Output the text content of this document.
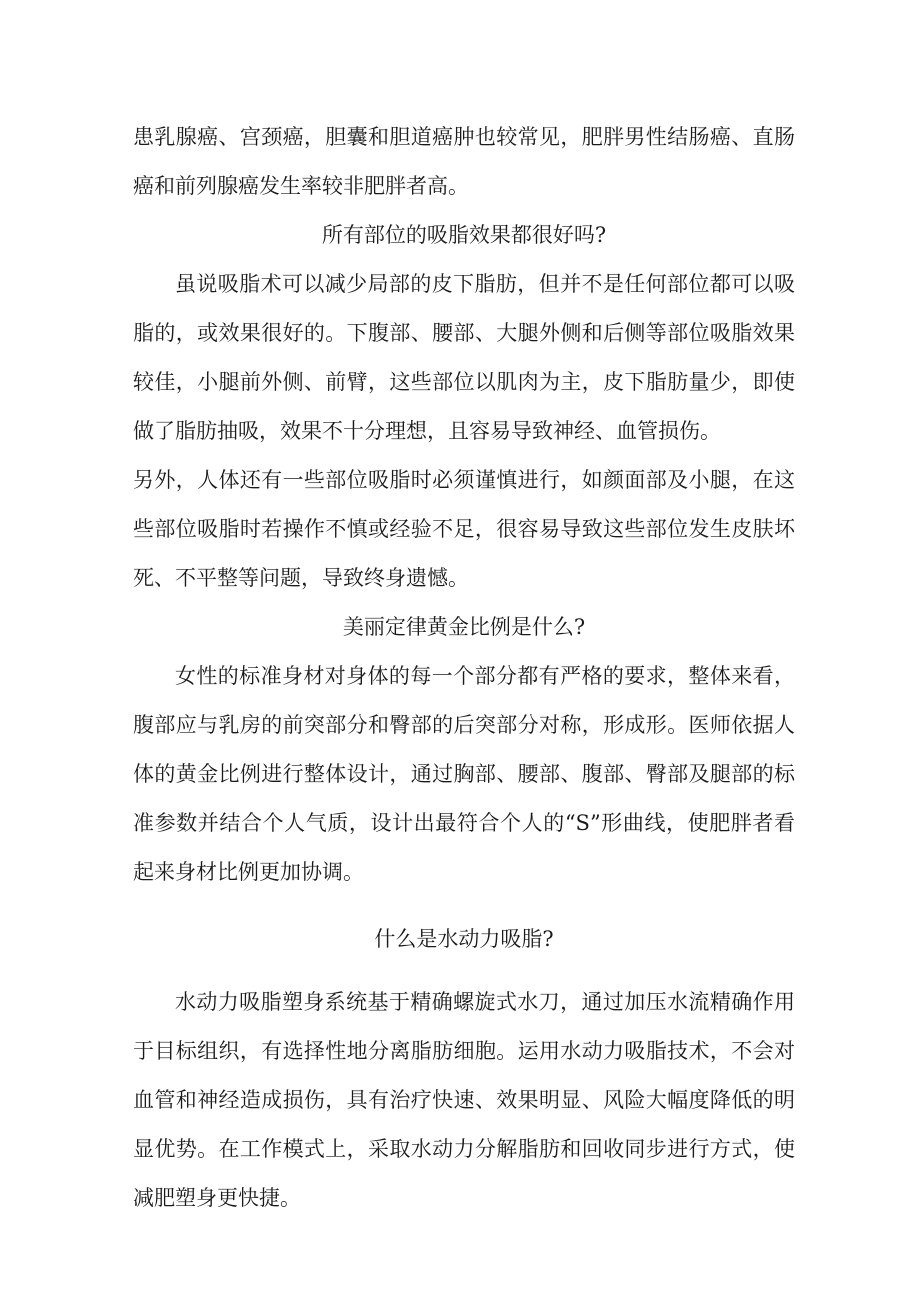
患乳腺癌、宫颈癌，胆囊和胆道癌肿也较常见，肥胖男性结肠癌、直肠癌和前列腺癌发生率较非肥胖者高。

所有部位的吸脂效果都很好吗?

虽说吸脂术可以减少局部的皮下脂肪，但并不是任何部位都可以吸脂的，或效果很好的。下腹部、腰部、大腿外侧和后侧等部位吸脂效果较佳，小腿前外侧、前臂，这些部位以肌肉为主，皮下脂肪量少，即使做了脂肪抽吸，效果不十分理想，且容易导致神经、血管损伤。

另外，人体还有一些部位吸脂时必须谨慎进行，如颜面部及小腿，在这些部位吸脂时若操作不慎或经验不足，很容易导致这些部位发生皮肤坏死、不平整等问题，导致终身遗憾。

美丽定律黄金比例是什么?

女性的标准身材对身体的每一个部分都有严格的要求，整体来看，腹部应与乳房的前突部分和臀部的后突部分对称，形成形。医师依据人体的黄金比例进行整体设计，通过胸部、腰部、腹部、臀部及腿部的标准参数并结合个人气质，设计出最符合个人的“S”形曲线，使肥胖者看起来身材比例更加协调。

什么是水动力吸脂?

水动力吸脂塑身系统基于精确螺旋式水刀，通过加压水流精确作用于目标组织，有选择性地分离脂肪细胞。运用水动力吸脂技术，不会对血管和神经造成损伤，具有治疗快速、效果明显、风险大幅度降低的明显优势。在工作模式上，采取水动力分解脂肪和回收同步进行方式，使减肥塑身更快捷。
